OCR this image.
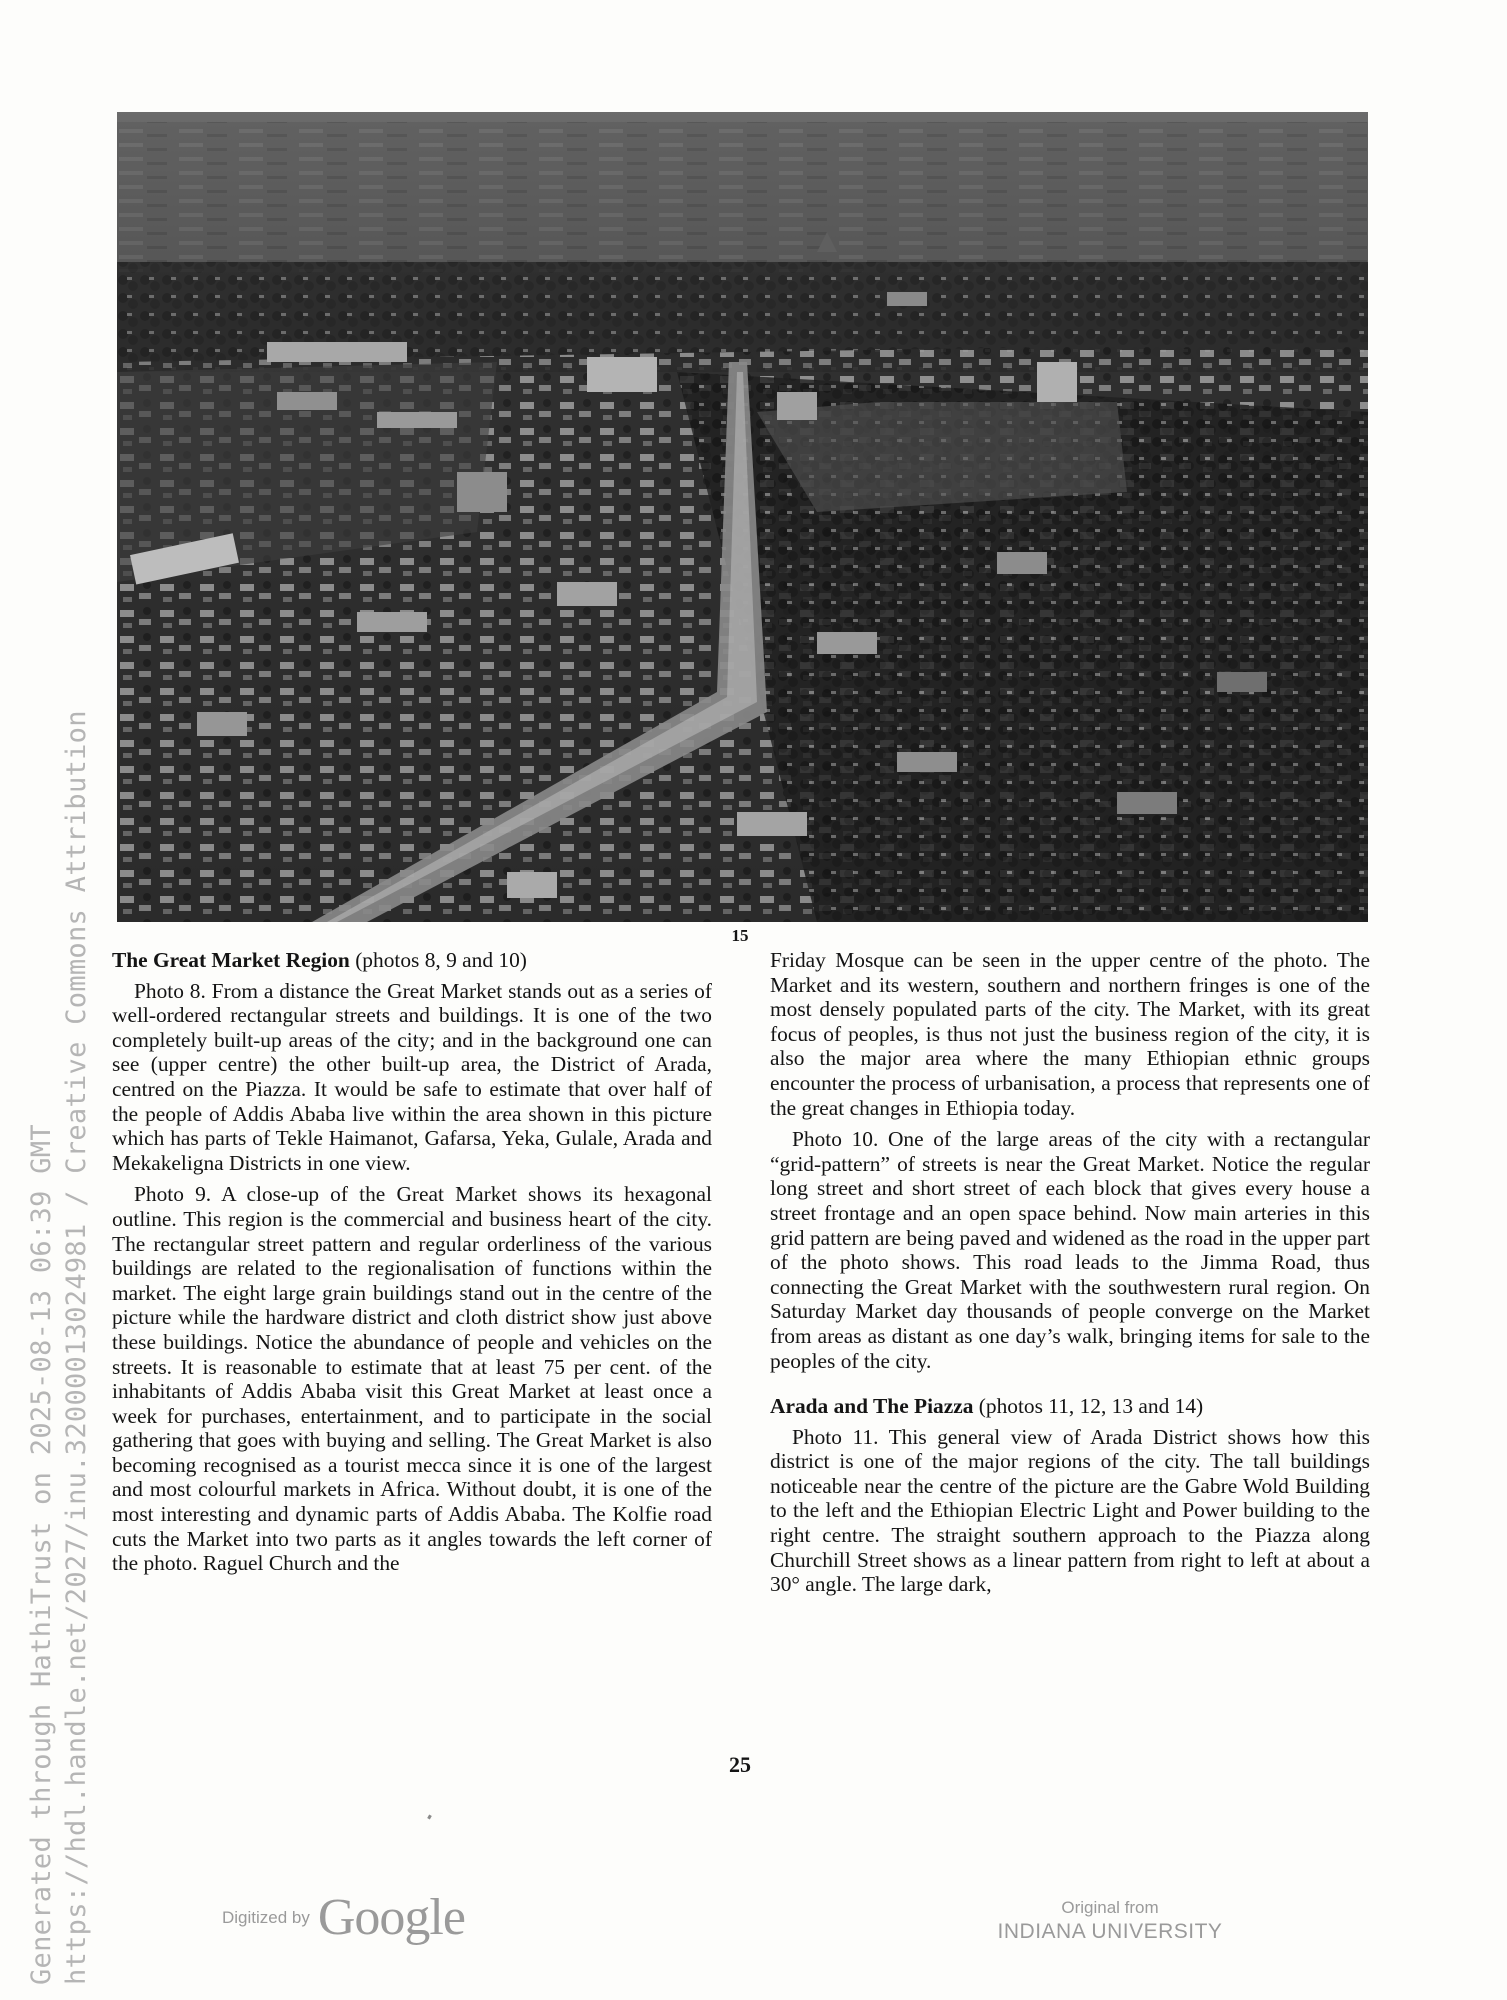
Generated through HathiTrust on 2025-08-13 06:39 GMT https://hdl.handle.net/2027/inu.32000013024981 / Creative Commons Attribution	15
The Great Market Region (photos 8, 9 and 10)

Photo 8. From a distance the Great Market stands out as a series of well-ordered rectangular streets and buildings. It is one of the two completely built-up areas of the city; and in the background one can see (upper centre) the other built-up area, the District of Arada, centred on the Piazza. It would be safe to estimate that over half of the people of Addis Ababa live within the area shown in this picture which has parts of Tekle Haimanot, Gafarsa, Yeka, Gulale, Arada and Mekakeligna Districts in one view.

Photo 9. A close-up of the Great Market shows its hexagonal outline. This region is the commercial and business heart of the city. The rectangular street pattern and regular orderliness of the various buildings are related to the regionalisation of functions within the market. The eight large grain buildings stand out in the centre of the picture while the hardware district and cloth district show just above these buildings. Notice the abundance of people and vehicles on the streets. It is reasonable to estimate that at least 75 per cent. of the inhabitants of Addis Ababa visit this Great Market at least once a week for purchases, entertainment, and to participate in the social gathering that goes with buying and selling. The Great Market is also becoming recognised as a tourist mecca since it is one of the largest and most colourful markets in Africa. Without doubt, it is one of the most interesting and dynamic parts of Addis Ababa. The Kolfie road cuts the Market into two parts as it angles towards the left corner of the photo. Raguel Church and the

Friday Mosque can be seen in the upper centre of the photo. The Market and its western, southern and northern fringes is one of the most densely populated parts of the city. The Market, with its great focus of peoples, is thus not just the business region of the city, it is also the major area where the many Ethiopian ethnic groups encounter the process of urbanisation, a process that represents one of the great changes in Ethiopia today.

Photo 10. One of the large areas of the city with a rectangular “grid-pattern” of streets is near the Great Market. Notice the regular long street and short street of each block that gives every house a street frontage and an open space behind. Now main arteries in this grid pattern are being paved and widened as the road in the upper part of the photo shows. This road leads to the Jimma Road, thus connecting the Great Market with the southwestern rural region. On Saturday Market day thousands of people converge on the Market from areas as distant as one day’s walk, bringing items for sale to the peoples of the city.

Arada and The Piazza (photos 11, 12, 13 and 14)

Photo 11. This general view of Arada District shows how this district is one of the major regions of the city. The tall buildings noticeable near the centre of the picture are the Gabre Wold Building to the left and the Ethiopian Electric Light and Power building to the right centre. The straight southern approach to the Piazza along Churchill Street shows as a linear pattern from right to left at about a 30° angle. The large dark,

25
Digitized by Google	Original from
INDIANA UNIVERSITY
